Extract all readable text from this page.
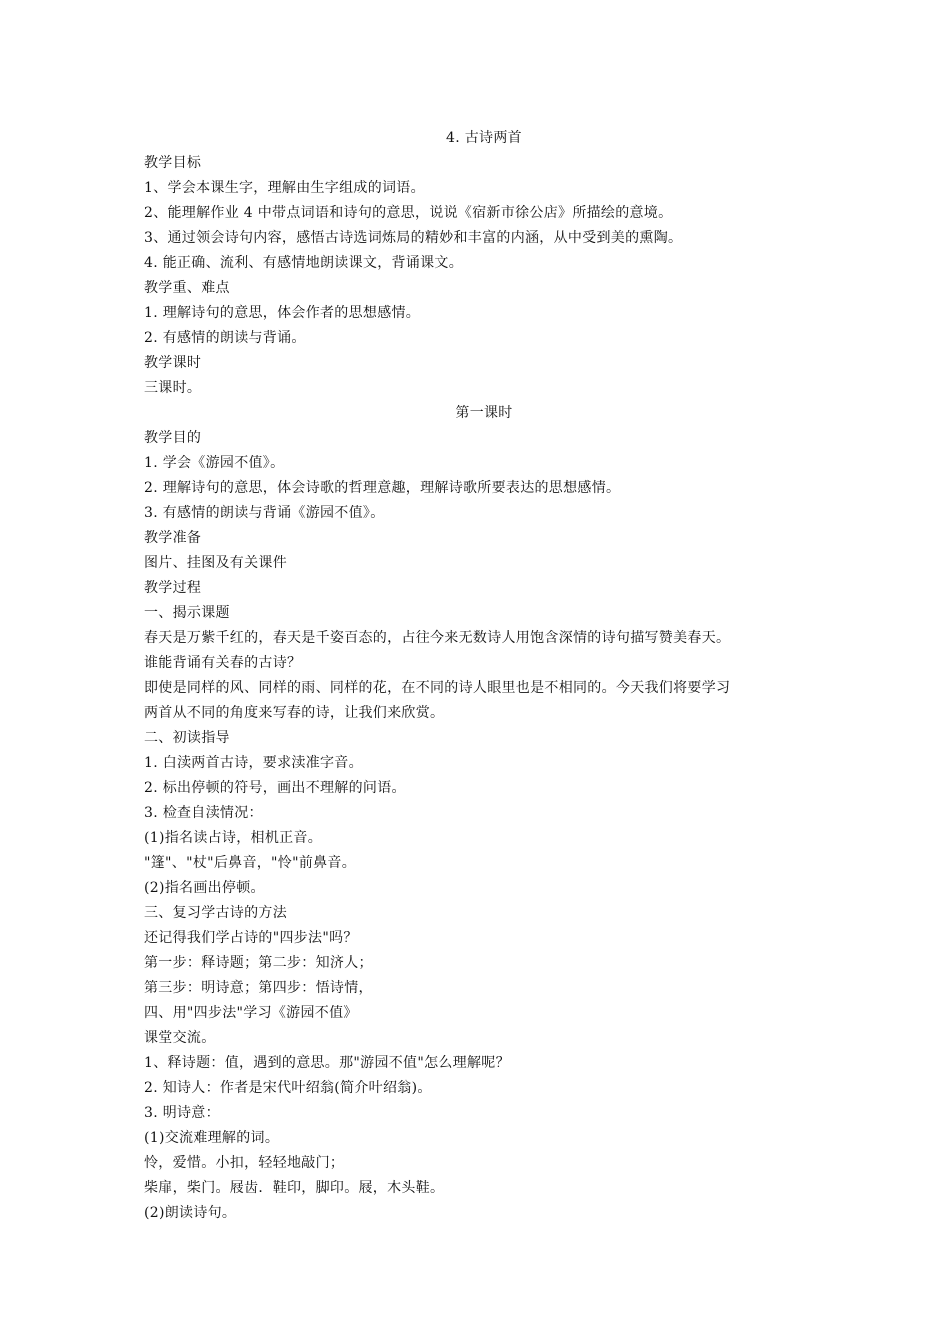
4. 古诗两首
教学目标
1、学会本课生字，理解由生字组成的词语。
2、能理解作业 4 中带点词语和诗句的意思，说说《宿新市徐公店》所描绘的意境。
3、通过领会诗句内容，感悟古诗选词炼局的精妙和丰富的内涵，从中受到美的熏陶。
4. 能正确、流利、有感情地朗读课文，背诵课文。
教学重、难点
1. 理解诗句的意思，体会作者的思想感情。
2. 有感情的朗读与背诵。
教学课时
三课时。
第一课时
教学目的
1. 学会《游园不值》。
2. 理解诗句的意思，体会诗歌的哲理意趣，理解诗歌所要表达的思想感情。
3. 有感情的朗读与背诵《游园不值》。
教学准备
图片、挂图及有关课件
教学过程
一、揭示课题
春天是万紫千红的，春天是千姿百态的，占往今来无数诗人用饱含深情的诗句描写赞美春天。
谁能背诵有关春的古诗？
即使是同样的风、同样的雨、同样的花，在不同的诗人眼里也是不相同的。今天我们将要学习
两首从不同的角度来写春的诗，让我们来欣赏。
二、初读指导
1. 白渎两首古诗，要求渎准字音。
2. 标出停顿的符号，画出不理解的问语。
3. 检查自渎情况：
(1)指名读占诗，相机正音。
"篷"、"杖"后鼻音，"怜"前鼻音。
(2)指名画出停顿。
三、复习学古诗的方法
还记得我们学占诗的"四步法"吗？
第一步：释诗题；第二步：知济人；
第三步：明诗意；第四步：悟诗情，
四、用"四步法"学习《游园不值》
课堂交流。
1、释诗题：值，遇到的意思。那"游园不值"怎么理解呢？
2. 知诗人：作者是宋代叶绍翁(简介叶绍翁)。
3. 明诗意：
(1)交流难理解的词。
怜，爱惜。小扣，轻轻地敲门；
柴扉，柴门。屐齿．鞋印，脚印。屐，木头鞋。
(2)朗读诗句。
